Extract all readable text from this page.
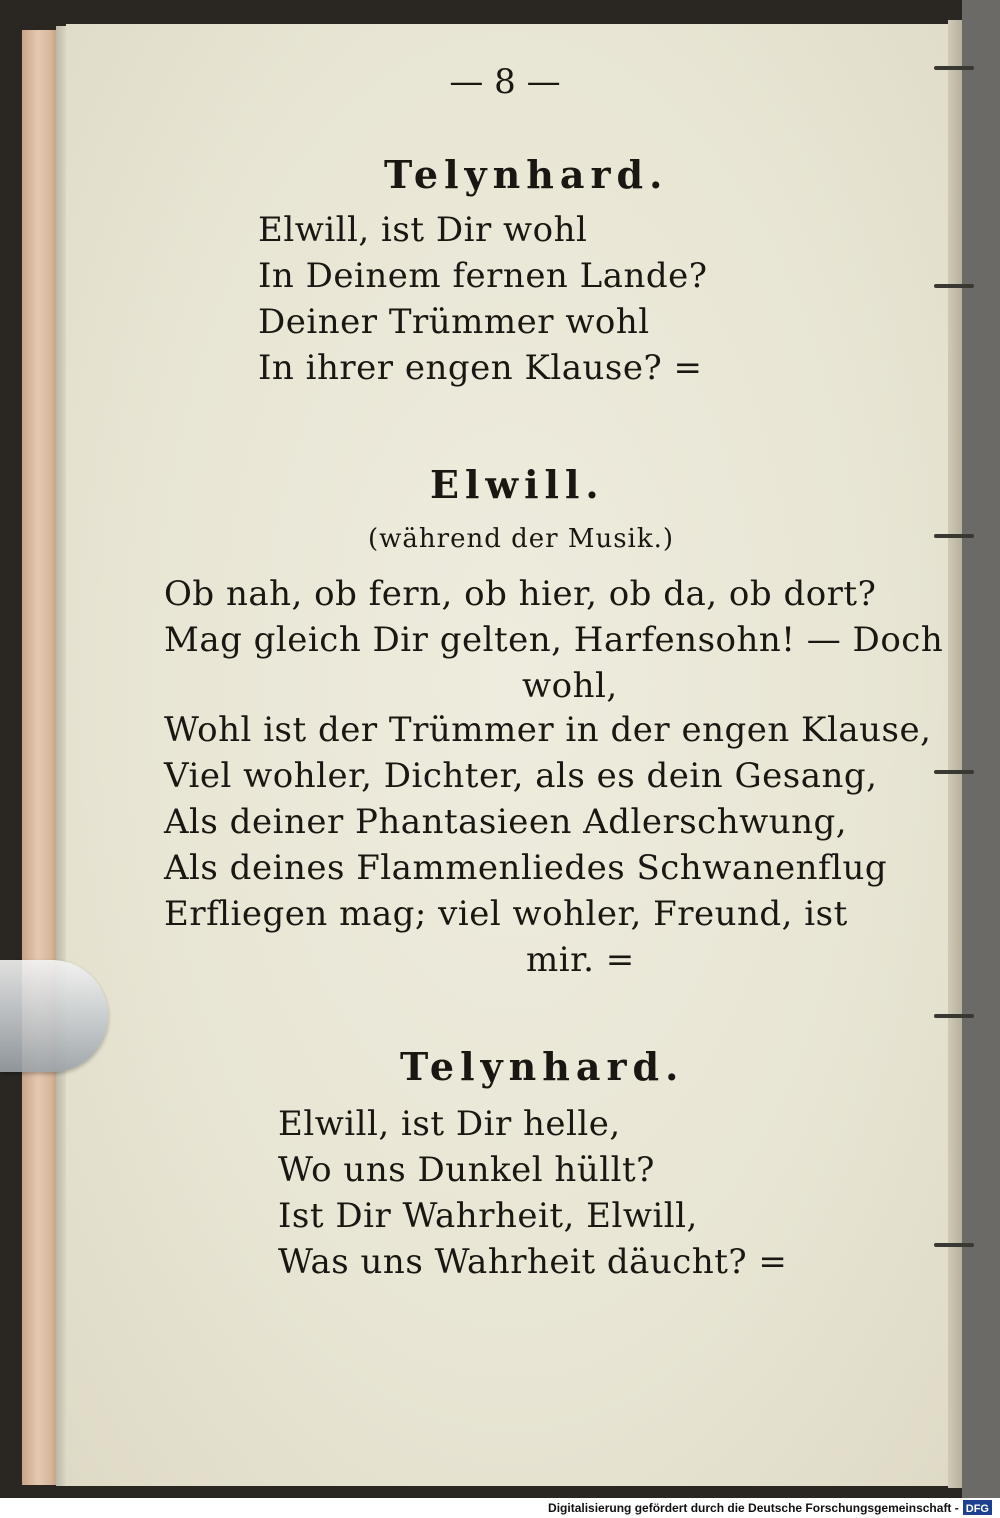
— 8 —
Telynhard.
Elwill, ist Dir wohl
In Deinem fernen Lande?
Deiner Trümmer wohl
In ihrer engen Klause? =
Elwill.
(während der Musik.)
Ob nah, ob fern, ob hier, ob da, ob dort?
Mag gleich Dir gelten, Harfensohn! — Doch
wohl,
Wohl ist der Trümmer in der engen Klause,
Viel wohler, Dichter, als es dein Gesang,
Als deiner Phantasieen Adlerschwung,
Als deines Flammenliedes Schwanenflug
Erfliegen mag; viel wohler, Freund, ist
mir. =
Telynhard.
Elwill, ist Dir helle,
Wo uns Dunkel hüllt?
Ist Dir Wahrheit, Elwill,
Was uns Wahrheit däucht? =
Digitalisierung gefördert durch die Deutsche Forschungsgemeinschaft - DFG
